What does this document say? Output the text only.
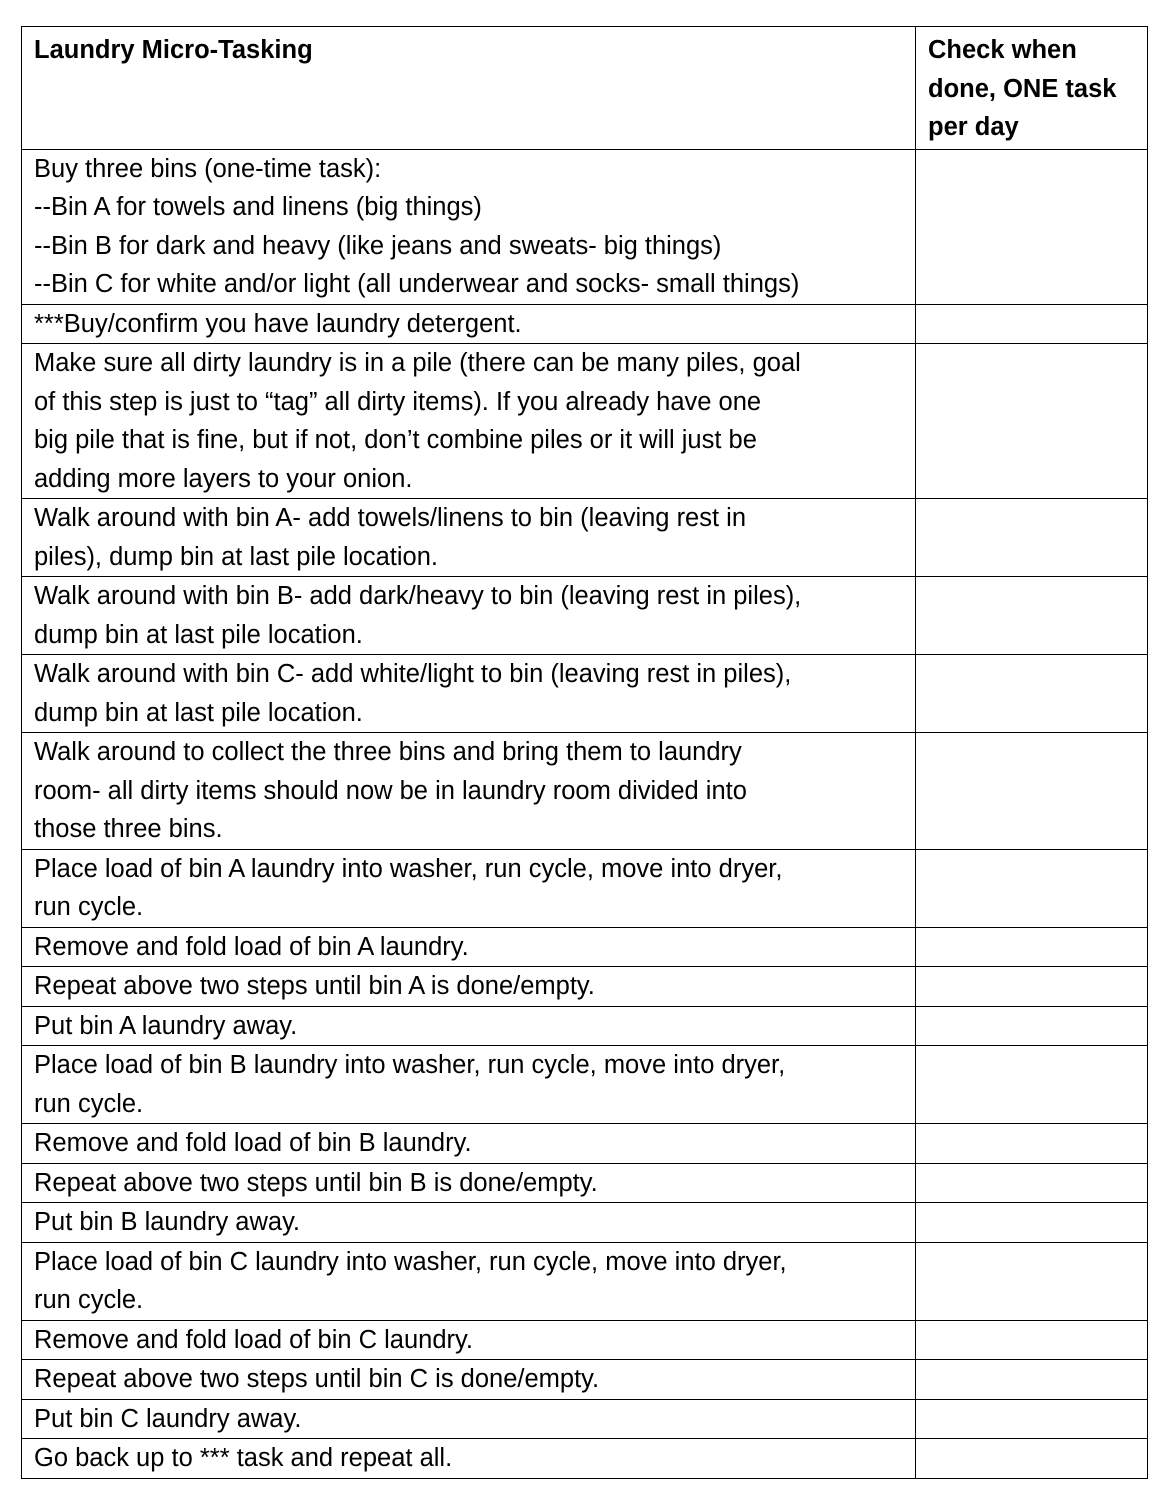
Laundry Micro-Tasking	Check when done, ONE task per day

Buy three bins (one-time task):
--Bin A for towels and linens (big things)
--Bin B for dark and heavy (like jeans and sweats- big things)
--Bin C for white and/or light (all underwear and socks- small things)	

***Buy/confirm you have laundry detergent.	

Make sure all dirty laundry is in a pile (there can be many piles, goal
of this step is just to “tag” all dirty items). If you already have one
big pile that is fine, but if not, don’t combine piles or it will just be
adding more layers to your onion.	

Walk around with bin A- add towels/linens to bin (leaving rest in
piles), dump bin at last pile location.	

Walk around with bin B- add dark/heavy to bin (leaving rest in piles),
dump bin at last pile location.	

Walk around with bin C- add white/light to bin (leaving rest in piles),
dump bin at last pile location.	

Walk around to collect the three bins and bring them to laundry
room- all dirty items should now be in laundry room divided into
those three bins.	

Place load of bin A laundry into washer, run cycle, move into dryer,
run cycle.	

Remove and fold load of bin A laundry.	

Repeat above two steps until bin A is done/empty.	

Put bin A laundry away.	

Place load of bin B laundry into washer, run cycle, move into dryer,
run cycle.	

Remove and fold load of bin B laundry.	

Repeat above two steps until bin B is done/empty.	

Put bin B laundry away.	

Place load of bin C laundry into washer, run cycle, move into dryer,
run cycle.	

Remove and fold load of bin C laundry.	

Repeat above two steps until bin C is done/empty.	

Put bin C laundry away.	

Go back up to *** task and repeat all.	
